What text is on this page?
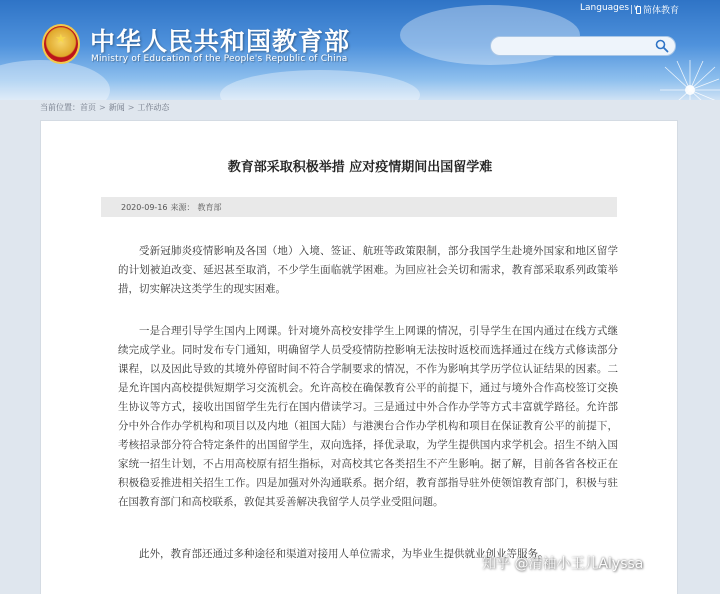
★ 中华人民共和国教育部
Ministry of Education of the People's Republic of China
Languages ∨ 简体教育
当前位置：首页 > 新闻 > 工作动态
教育部采取积极举措 应对疫情期间出国留学难
2020-09-16 来源： 教育部

受新冠肺炎疫情影响及各国（地）入境、签证、航班等政策限制，部分我国学生赴境外国家和地区留学的计划被迫改变、延迟甚至取消，不少学生面临就学困难。为回应社会关切和需求，教育部采取系列政策举措，切实解决这类学生的现实困难。

一是合理引导学生国内上网课。针对境外高校安排学生上网课的情况，引导学生在国内通过在线方式继续完成学业。同时发布专门通知，明确留学人员受疫情防控影响无法按时返校而选择通过在线方式修读部分课程，以及因此导致的其境外停留时间不符合学制要求的情况，不作为影响其学历学位认证结果的因素。二是允许国内高校提供短期学习交流机会。允许高校在确保教育公平的前提下，通过与境外合作高校签订交换生协议等方式，接收出国留学生先行在国内借读学习。三是通过中外合作办学等方式丰富就学路径。允许部分中外合作办学机构和项目以及内地（祖国大陆）与港澳台合作办学机构和项目在保证教育公平的前提下，考核招录部分符合特定条件的出国留学生，双向选择，择优录取，为学生提供国内求学机会。招生不纳入国家统一招生计划，不占用高校原有招生指标，对高校其它各类招生不产生影响。据了解，目前各省各校正在积极稳妥推进相关招生工作。四是加强对外沟通联系。据介绍，教育部指导驻外使领馆教育部门，积极与驻在国教育部门和高校联系，敦促其妥善解决我留学人员学业受阻问题。

此外，教育部还通过多种途径和渠道对接用人单位需求，为毕业生提供就业创业等服务。

知乎 @清袖小王儿Alyssa
